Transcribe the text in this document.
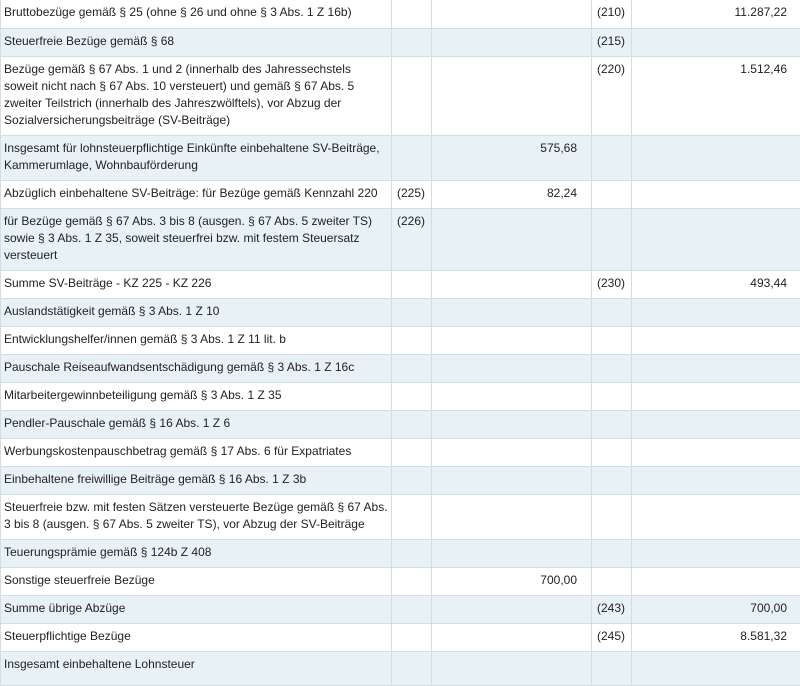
Bruttobezüge gemäß § 25 (ohne § 26 und ohne § 3 Abs. 1 Z 16b)			(210)	11.287,22
Steuerfreie Bezüge gemäß § 68			(215)	
Bezüge gemäß § 67 Abs. 1 und 2 (innerhalb des Jahressechstels soweit nicht nach § 67 Abs. 10 versteuert) und gemäß § 67 Abs. 5 zweiter Teilstrich (innerhalb des Jahreszwölftels), vor Abzug der Sozialversicherungsbeiträge (SV-Beiträge)			(220)	1.512,46
Insgesamt für lohnsteuerpflichtige Einkünfte einbehaltene SV-Beiträge, Kammerumlage, Wohnbauförderung		575,68		
Abzüglich einbehaltene SV-Beiträge: für Bezüge gemäß Kennzahl 220	(225)	82,24		
für Bezüge gemäß § 67 Abs. 3 bis 8 (ausgen. § 67 Abs. 5 zweiter TS) sowie § 3 Abs. 1 Z 35, soweit steuerfrei bzw. mit festem Steuersatz versteuert	(226)			
Summe SV-Beiträge - KZ 225 - KZ 226			(230)	493,44
Auslandstätigkeit gemäß § 3 Abs. 1 Z 10				
Entwicklungshelfer/innen gemäß § 3 Abs. 1 Z 11 lit. b				
Pauschale Reiseaufwandsentschädigung gemäß § 3 Abs. 1 Z 16c				
Mitarbeitergewinnbeteiligung gemäß § 3 Abs. 1 Z 35				
Pendler-Pauschale gemäß § 16 Abs. 1 Z 6				
Werbungskostenpauschbetrag gemäß § 17 Abs. 6 für Expatriates				
Einbehaltene freiwillige Beiträge gemäß § 16 Abs. 1 Z 3b				
Steuerfreie bzw. mit festen Sätzen versteuerte Bezüge gemäß § 67 Abs. 3 bis 8 (ausgen. § 67 Abs. 5 zweiter TS), vor Abzug der SV-Beiträge				
Teuerungsprämie gemäß § 124b Z 408				
Sonstige steuerfreie Bezüge		700,00		
Summe übrige Abzüge			(243)	700,00
Steuerpflichtige Bezüge			(245)	8.581,32
Insgesamt einbehaltene Lohnsteuer				
